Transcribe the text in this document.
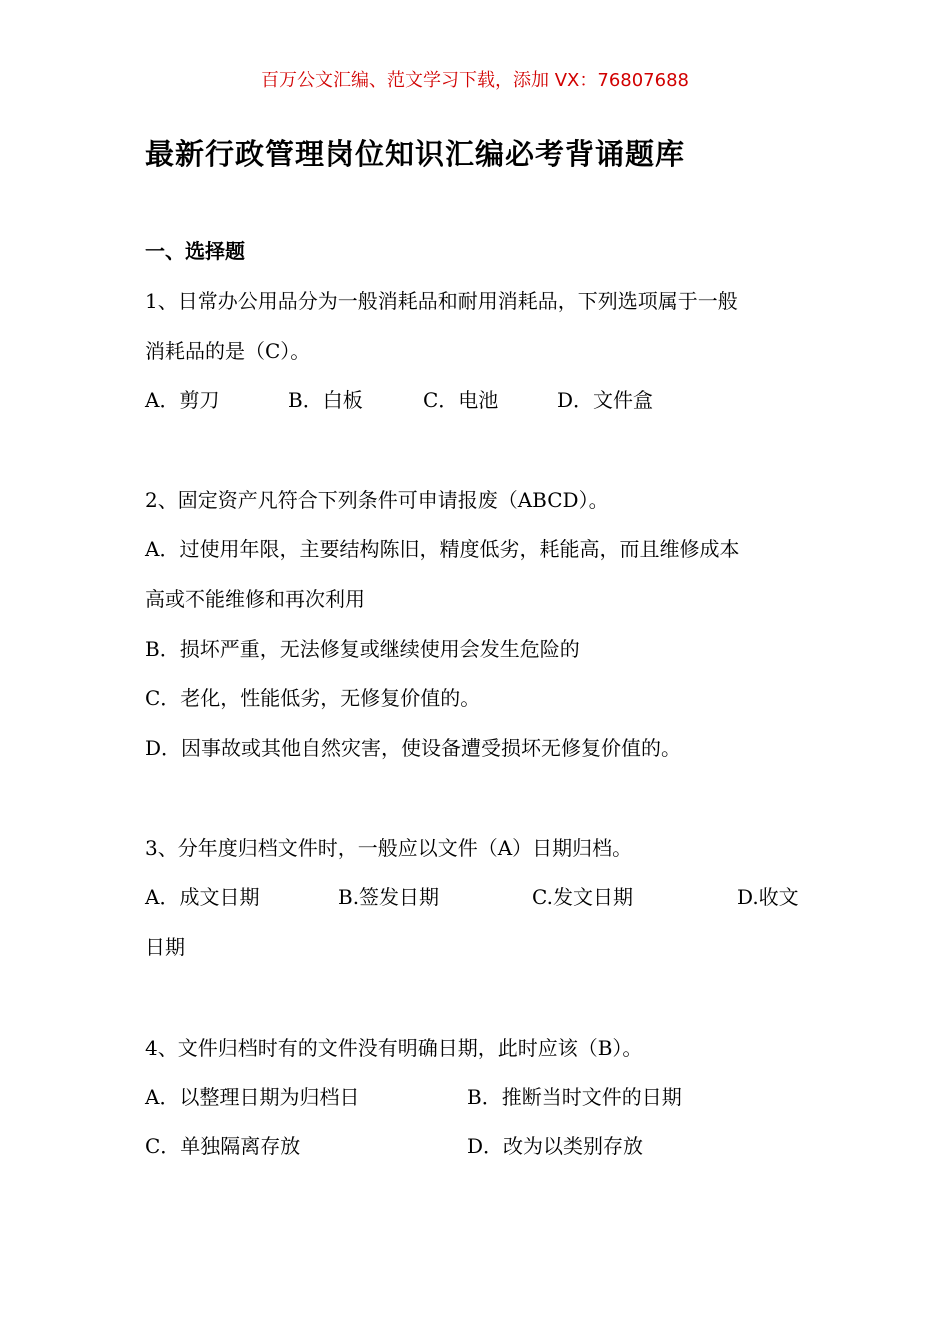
百万公文汇编、范文学习下载，添加 VX：76807688
最新行政管理岗位知识汇编必考背诵题库
一、选择题
1、日常办公用品分为一般消耗品和耐用消耗品，下列选项属于一般
消耗品的是（C）。
A．剪刀	B．白板	C．电池	D．文件盒
2、固定资产凡符合下列条件可申请报废（ABCD）。
A．过使用年限，主要结构陈旧，精度低劣，耗能高，而且维修成本
高或不能维修和再次利用
B．损坏严重，无法修复或继续使用会发生危险的
C．老化，性能低劣，无修复价值的。
D．因事故或其他自然灾害，使设备遭受损坏无修复价值的。
3、分年度归档文件时，一般应以文件（A）日期归档。
A．成文日期	B.签发日期	C.发文日期	D.收文
日期
4、文件归档时有的文件没有明确日期，此时应该（B）。
A．以整理日期为归档日	B．推断当时文件的日期
C．单独隔离存放	D．改为以类别存放
